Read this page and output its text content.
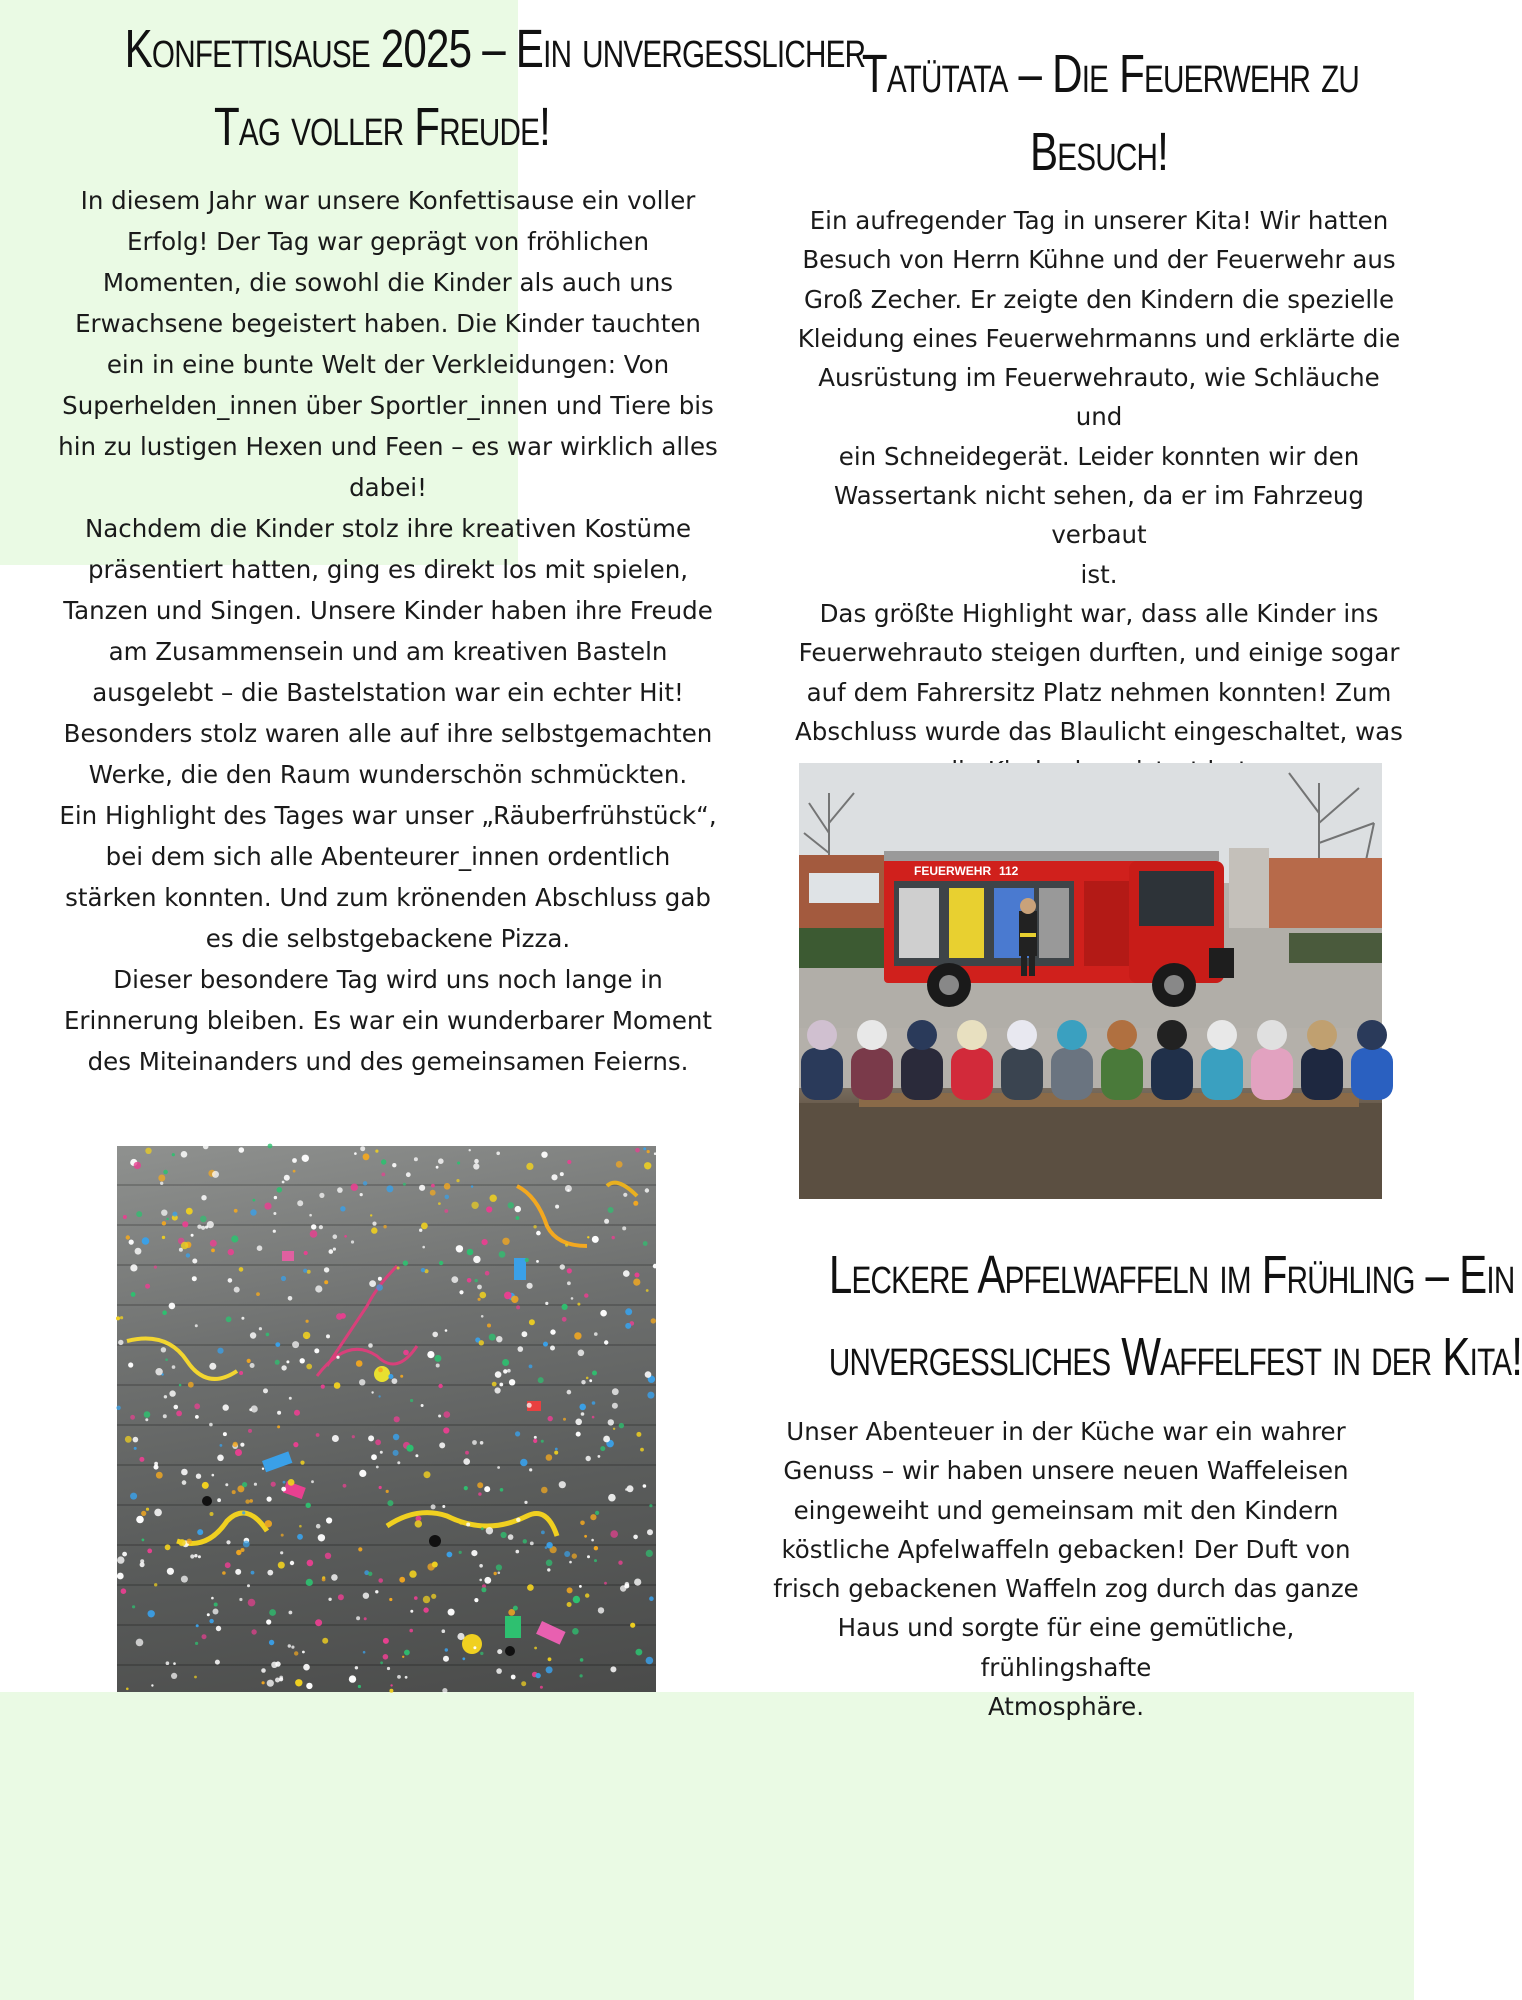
Konfettisause 2025 – Ein unvergesslicher
Tag voller Freude!

In diesem Jahr war unsere Konfettisause ein voller

Erfolg! Der Tag war geprägt von fröhlichen

Momenten, die sowohl die Kinder als auch uns

Erwachsene begeistert haben. Die Kinder tauchten

ein in eine bunte Welt der Verkleidungen: Von

Superhelden_innen über Sportler_innen und Tiere bis

hin zu lustigen Hexen und Feen – es war wirklich alles

dabei!

Nachdem die Kinder stolz ihre kreativen Kostüme

präsentiert hatten, ging es direkt los mit spielen,

Tanzen und Singen. Unsere Kinder haben ihre Freude

am Zusammensein und am kreativen Basteln

ausgelebt – die Bastelstation war ein echter Hit!

Besonders stolz waren alle auf ihre selbstgemachten

Werke, die den Raum wunderschön schmückten.

Ein Highlight des Tages war unser „Räuberfrühstück“,

bei dem sich alle Abenteurer_innen ordentlich

stärken konnten. Und zum krönenden Abschluss gab

es die selbstgebackene Pizza.

Dieser besondere Tag wird uns noch lange in

Erinnerung bleiben. Es war ein wunderbarer Moment

des Miteinanders und des gemeinsamen Feierns.

Tatütata – Die Feuerwehr zu
Besuch!

Ein aufregender Tag in unserer Kita! Wir hatten

Besuch von Herrn Kühne und der Feuerwehr aus

Groß Zecher. Er zeigte den Kindern die spezielle

Kleidung eines Feuerwehrmanns und erklärte die

Ausrüstung im Feuerwehrauto, wie Schläuche und

ein Schneidegerät. Leider konnten wir den

Wassertank nicht sehen, da er im Fahrzeug verbaut

ist.

Das größte Highlight war, dass alle Kinder ins

Feuerwehrauto steigen durften, und einige sogar

auf dem Fahrersitz Platz nehmen konnten! Zum

Abschluss wurde das Blaulicht eingeschaltet, was

Leckere Apfelwaffeln im Frühling – Ein
unvergessliches Waffelfest in der Kita!

Unser Abenteuer in der Küche war ein wahrer

Genuss – wir haben unsere neuen Waffeleisen

eingeweiht und gemeinsam mit den Kindern

köstliche Apfelwaffeln gebacken! Der Duft von

frisch gebackenen Waffeln zog durch das ganze

Haus und sorgte für eine gemütliche, frühlingshafte

Atmosphäre.

FEUERWEHR 112
